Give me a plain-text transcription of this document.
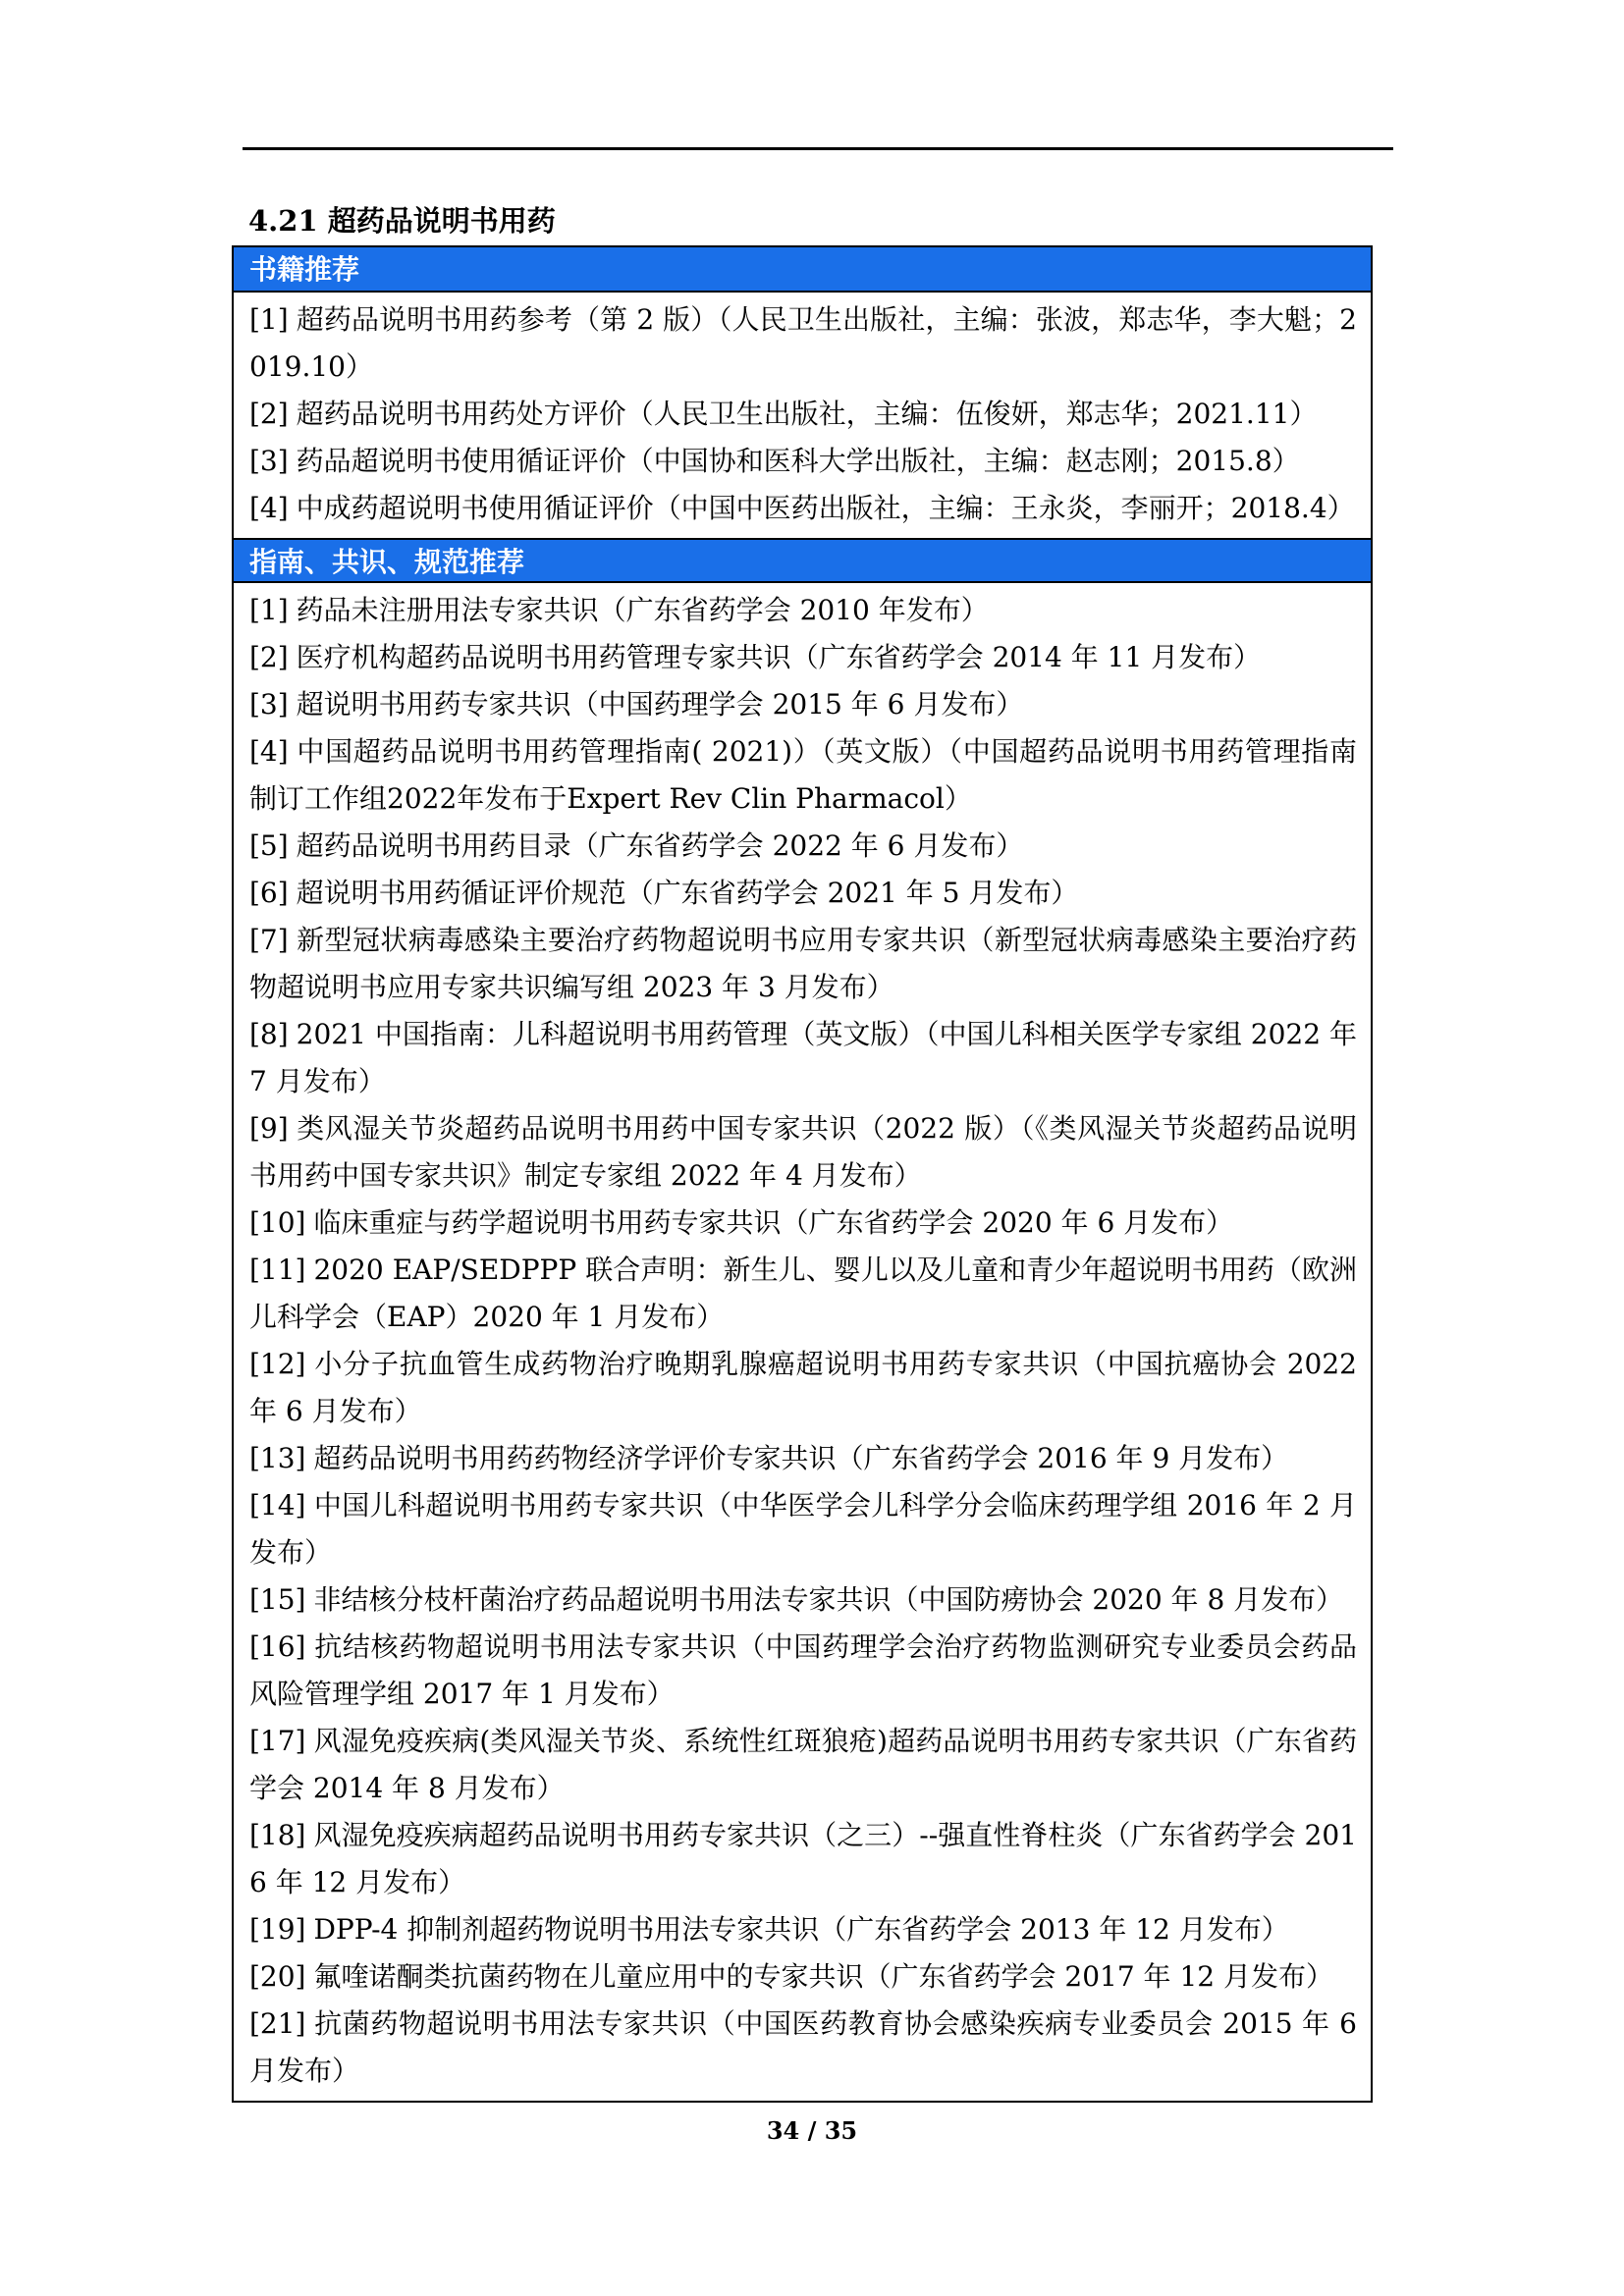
4.21 超药品说明书用药
书籍推荐
[1] 超药品说明书用药参考（第 2 版）（人民卫生出版社，主编：张波，郑志华，李大魁；2019.10）
[2] 超药品说明书用药处方评价（人民卫生出版社，主编：伍俊妍，郑志华；2021.11）
[3] 药品超说明书使用循证评价（中国协和医科大学出版社，主编：赵志刚；2015.8）
[4] 中成药超说明书使用循证评价（中国中医药出版社，主编：王永炎，李丽开；2018.4）
指南、共识、规范推荐
[1] 药品未注册用法专家共识（广东省药学会 2010 年发布）
[2] 医疗机构超药品说明书用药管理专家共识（广东省药学会 2014 年 11 月发布）
[3] 超说明书用药专家共识（中国药理学会 2015 年 6 月发布）
[4] 中国超药品说明书用药管理指南( 2021)）（英文版）（中国超药品说明书用药管理指南制订工作组2022年发布于Expert Rev Clin Pharmacol）
[5] 超药品说明书用药目录（广东省药学会 2022 年 6 月发布）
[6] 超说明书用药循证评价规范（广东省药学会 2021 年 5 月发布）
[7] 新型冠状病毒感染主要治疗药物超说明书应用专家共识（新型冠状病毒感染主要治疗药物超说明书应用专家共识编写组 2023 年 3 月发布）
[8] 2021 中国指南：儿科超说明书用药管理（英文版）（中国儿科相关医学专家组 2022 年 7 月发布）
[9] 类风湿关节炎超药品说明书用药中国专家共识（2022 版）（《类风湿关节炎超药品说明书用药中国专家共识》制定专家组 2022 年 4 月发布）
[10] 临床重症与药学超说明书用药专家共识（广东省药学会 2020 年 6 月发布）
[11] 2020 EAP/SEDPPP 联合声明：新生儿、婴儿以及儿童和青少年超说明书用药（欧洲儿科学会（EAP）2020 年 1 月发布）
[12] 小分子抗血管生成药物治疗晚期乳腺癌超说明书用药专家共识（中国抗癌协会 2022 年 6 月发布）
[13] 超药品说明书用药药物经济学评价专家共识（广东省药学会 2016 年 9 月发布）
[14] 中国儿科超说明书用药专家共识（中华医学会儿科学分会临床药理学组 2016 年 2 月发布）
[15] 非结核分枝杆菌治疗药品超说明书用法专家共识（中国防痨协会 2020 年 8 月发布）
[16] 抗结核药物超说明书用法专家共识（中国药理学会治疗药物监测研究专业委员会药品风险管理学组 2017 年 1 月发布）
[17] 风湿免疫疾病(类风湿关节炎、系统性红斑狼疮)超药品说明书用药专家共识（广东省药学会 2014 年 8 月发布）
[18] 风湿免疫疾病超药品说明书用药专家共识（之三）--强直性脊柱炎（广东省药学会 2016 年 12 月发布）
[19] DPP-4 抑制剂超药物说明书用法专家共识（广东省药学会 2013 年 12 月发布）
[20] 氟喹诺酮类抗菌药物在儿童应用中的专家共识（广东省药学会 2017 年 12 月发布）
[21] 抗菌药物超说明书用法专家共识（中国医药教育协会感染疾病专业委员会 2015 年 6 月发布）
34 / 35
